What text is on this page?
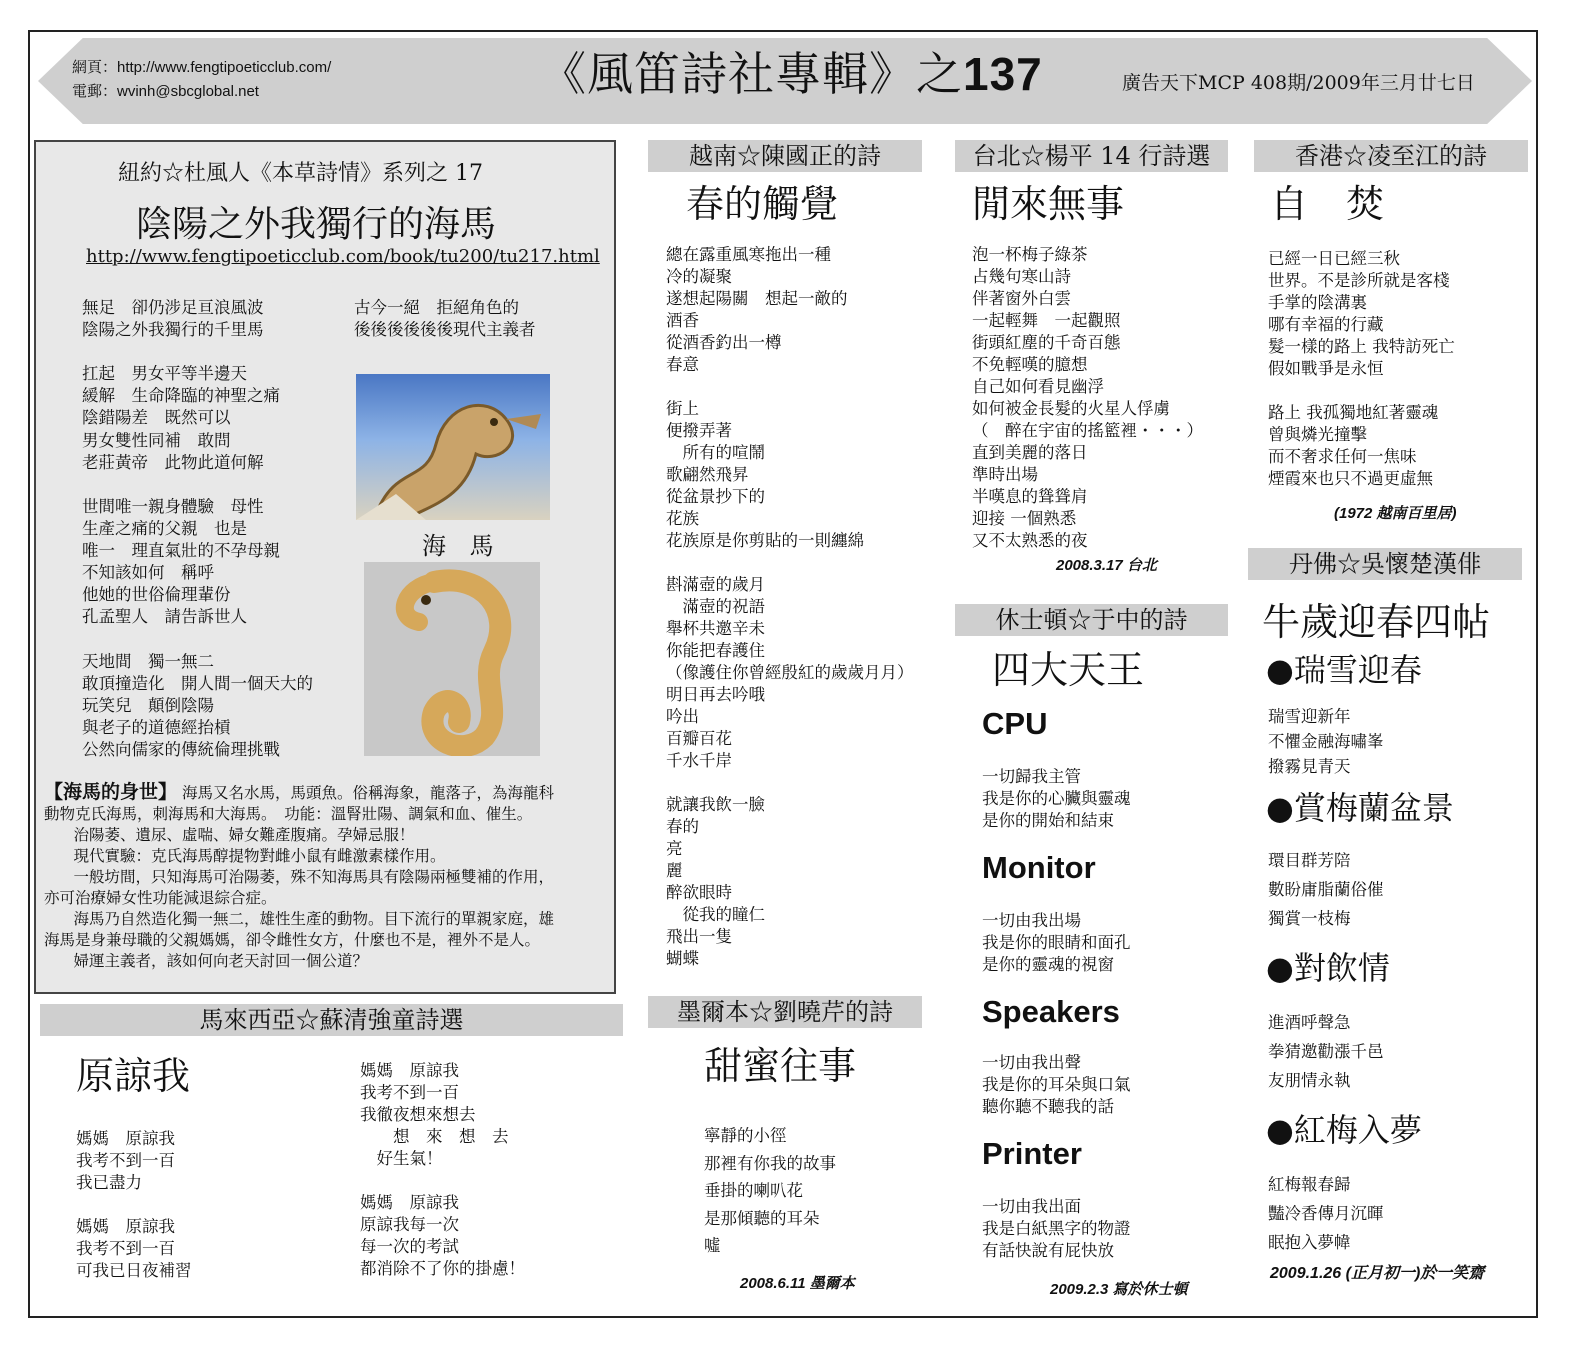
網頁：http://www.fengtipoeticclub.com/
電郵：wvinh@sbcglobal.net	《風笛詩社專輯》之137	廣告天下MCP 408期/2009年三月廿七日
紐約☆杜風人《本草詩情》系列之 17
陰陽之外我獨行的海馬
http://www.fengtipoeticclub.com/book/tu200/tu217.html
無足　卻仍涉足亘浪風波
陰陽之外我獨行的千里馬

扛起　男女平等半邊天
緩解　生命降臨的神聖之痛
陰錯陽差　既然可以
男女雙性同補　敢問
老莊黃帝　此物此道何解

世間唯一親身體驗　母性
生產之痛的父親　也是
唯一　理直氣壯的不孕母親
不知該如何　稱呼
他她的世俗倫理輩份
孔孟聖人　請告訴世人

天地間　獨一無二
敢頂撞造化　開人間一個天大的
玩笑兒　顛倒陰陽
與老子的道德經抬槓
公然向儒家的傳統倫理挑戰
古今一絕　拒絕角色的
後後後後後後現代主義者
海 馬
【海馬的身世】 海馬又名水馬，馬頭魚。俗稱海象，龍落子，為海龍科
動物克氏海馬，刺海馬和大海馬。　功能：溫腎壯陽、調氣和血、催生。
　治陽萎、遺尿、虛喘、婦女難產腹痛。孕婦忌服！
　現代實驗：克氏海馬醇提物對雌小鼠有雌激素樣作用。
　一般坊間，只知海馬可治陽萎，殊不知海馬具有陰陽兩極雙補的作用，
亦可治療婦女性功能減退綜合症。
　海馬乃自然造化獨一無二，雄性生產的動物。目下流行的單親家庭，雄
海馬是身兼母職的父親媽媽，卻令雌性女方，什麼也不是，裡外不是人。
　婦運主義者，該如何向老天討回一個公道？
馬來西亞☆蘇清強童詩選
原諒我
媽媽　原諒我
我考不到一百
我已盡力

媽媽　原諒我
我考不到一百
可我已日夜補習
媽媽　原諒我
我考不到一百
我徹夜想來想去
　　想　來　想　去
　好生氣！

媽媽　原諒我
原諒我每一次
每一次的考試
都消除不了你的掛慮！
越南☆陳國正的詩
春的觸覺
總在露重風寒拖出一種
冷的凝聚
遂想起陽關　想起一敵的
酒香
從酒香釣出一樽
春意

街上
便撥弄著
　所有的喧鬧
歌翩然飛昇
從盆景抄下的
花族
花族原是你剪貼的一則纏綿

斟滿壺的歲月
　滿壺的祝語
舉杯共邀辛未
你能把春護住
（像護住你曾經殷紅的歲歲月月）
明日再去吟哦
吟出
百瓣百花
千水千岸

就讓我飲一臉
春的
亮
麗
醉欲眼時
　從我的瞳仁
飛出一隻
蝴蝶
墨爾本☆劉曉芹的詩
甜蜜往事
寧靜的小徑
那裡有你我的故事
垂掛的喇叭花
是那傾聽的耳朵
噓
2008.6.11 墨爾本
台北☆楊平 14 行詩選
閒來無事
泡一杯梅子綠茶
占幾句寒山詩
伴著窗外白雲
一起輕舞　一起觀照
街頭紅塵的千奇百態
不免輕嘆的臆想
自己如何看見幽浮
如何被金長髮的火星人俘虜
（　醉在宇宙的搖籃裡・・・）
直到美麗的落日
準時出場
半嘆息的聳聳肩
迎接 一個熟悉
又不太熟悉的夜
2008.3.17 台北
休士頓☆于中的詩
四大天王
CPU
一切歸我主管
我是你的心臟與靈魂
是你的開始和結束
Monitor
一切由我出場
我是你的眼睛和面孔
是你的靈魂的視窗
Speakers
一切由我出聲
我是你的耳朵與口氣
聽你聽不聽我的話
Printer
一切由我出面
我是白紙黑字的物證
有話快說有屁快放
2009.2.3 寫於休士頓
香港☆凌至江的詩
自　焚
已經一日已經三秋
世界。不是診所就是客棧
手掌的陰溝裏
哪有幸福的行藏
髮一樣的路上 我特訪死亡
假如戰爭是永恒

路上 我孤獨地紅著靈魂
曾與燐光撞擊
而不奢求任何一焦味
煙霞來也只不過更虛無
(1972 越南百里居)
丹佛☆吳懷楚漢俳
牛歲迎春四帖
●瑞雪迎春
瑞雪迎新年
不懼金融海嘯峯
撥霧見青天
●賞梅蘭盆景
環目群芳陪
數盼庸脂蘭俗催
獨賞一枝梅
●對飲情
進酒呼聲急
拳猜邀勸漲千邑
友朋情永執
●紅梅入夢
紅梅報春歸
豔冷香傳月沉暉
眠抱入夢幃
2009.1.26 (正月初一)於一笑齋
